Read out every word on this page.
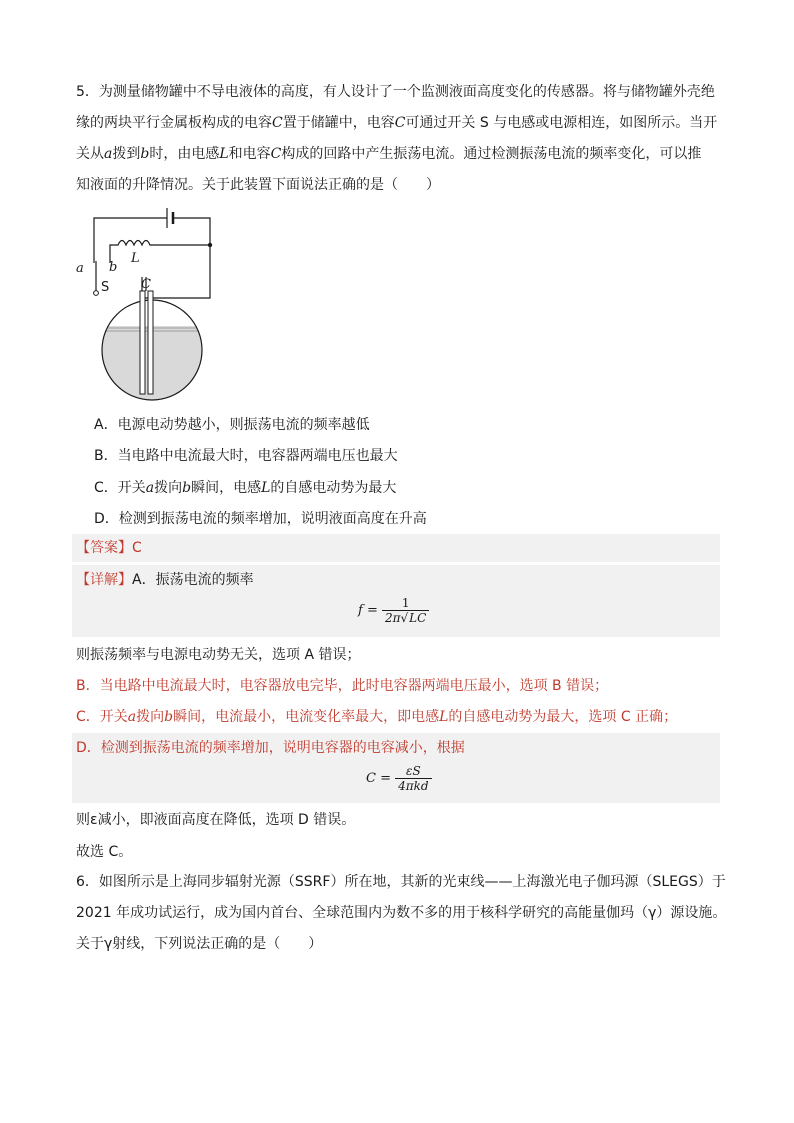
5．为测量储物罐中不导电液体的高度，有人设计了一个监测液面高度变化的传感器。将与储物罐外壳绝
缘的两块平行金属板构成的电容C置于储罐中，电容C可通过开关 S 与电感或电源相连，如图所示。当开
关从a拨到b时，由电感L和电容C构成的回路中产生振荡电流。通过检测振荡电流的频率变化，可以推
知液面的升降情况。关于此装置下面说法正确的是（　　）
a b
L
C
S
A．电源电动势越小，则振荡电流的频率越低
B．当电路中电流最大时，电容器两端电压也最大
C．开关a拨向b瞬间，电感L的自感电动势为最大
D．检测到振荡电流的频率增加，说明液面高度在升高
【答案】C
【详解】A．振荡电流的频率
$f = \frac{1}{2\pi√LC}$
则振荡频率与电源电动势无关，选项 A 错误；
B．当电路中电流最大时，电容器放电完毕，此时电容器两端电压最小，选项 B 错误；
C．开关a拨向b瞬间，电流最小，电流变化率最大，即电感L的自感电动势为最大，选项 C 正确；
D．检测到振荡电流的频率增加，说明电容器的电容减小，根据
$C = \frac{\varepsilon S}{\text{4πkd}}$
则ε减小，即液面高度在降低，选项 D 错误。
故选 C。
6．如图所示是上海同步辐射光源（SSRF）所在地，其新的光束线——上海激光电子伽玛源（SLEGS）于
2021 年成功试运行，成为国内首台、全球范围内为数不多的用于核科学研究的高能量伽玛（γ）源设施。
关于γ射线，下列说法正确的是（　　）
